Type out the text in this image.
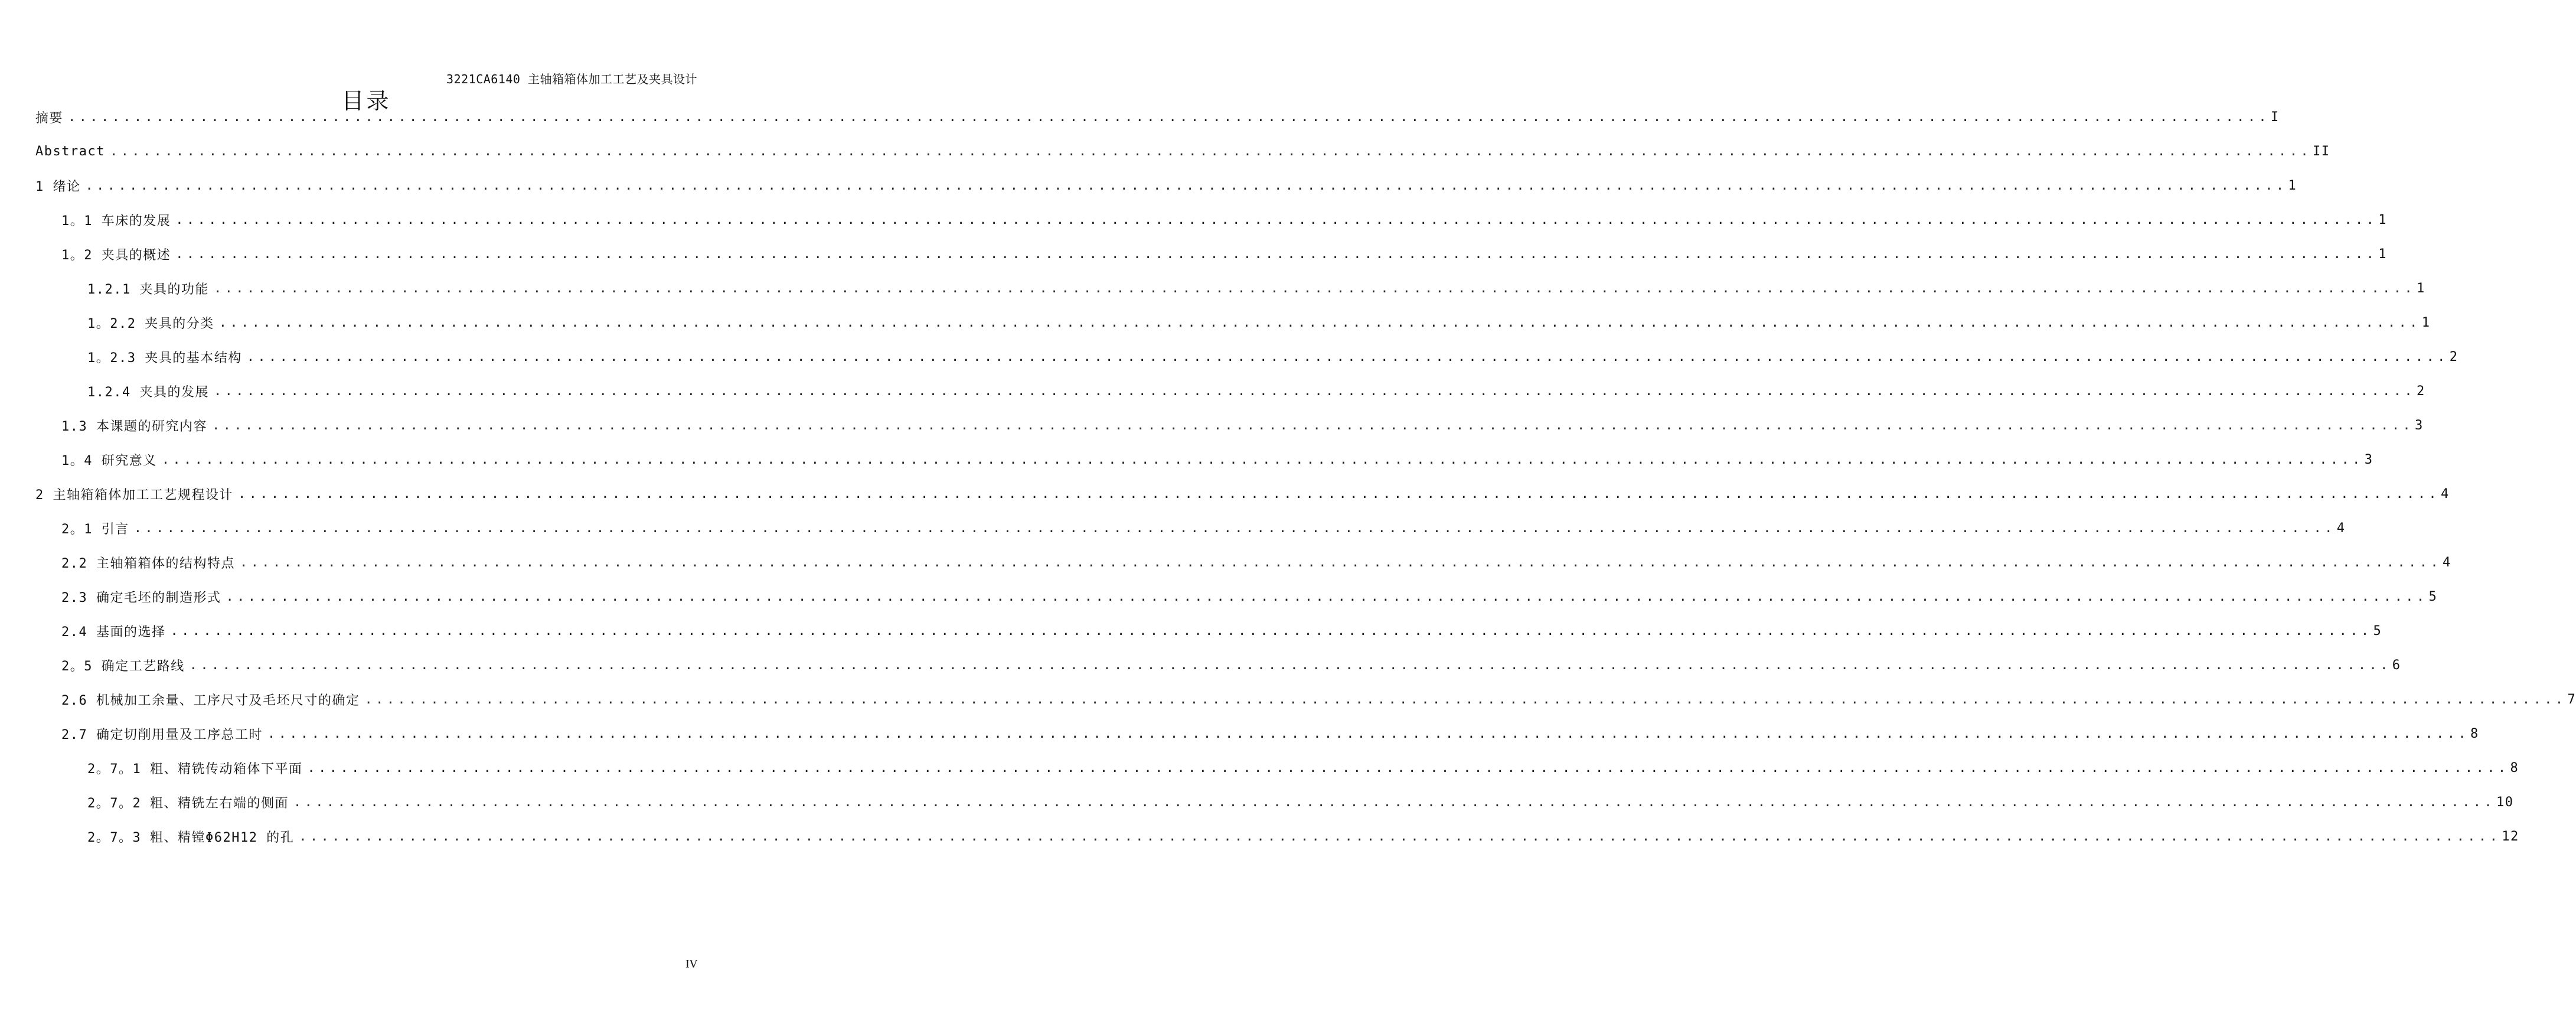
3221CA6140 主轴箱箱体加工工艺及夹具设计
目录
摘要 ........................................................................................................................................................................................................ I
Abstract ........................................................................................................................................................................................................ II
1 绪论 ........................................................................................................................................................................................................ 1
1。1 车床的发展 ........................................................................................................................................................................................................ 1
1。2 夹具的概述 ........................................................................................................................................................................................................ 1
1.2.1 夹具的功能 ........................................................................................................................................................................................................ 1
1。2.2 夹具的分类 ........................................................................................................................................................................................................ 1
1。2.3 夹具的基本结构 ........................................................................................................................................................................................................ 2
1.2.4 夹具的发展 ........................................................................................................................................................................................................ 2
1.3 本课题的研究内容 ........................................................................................................................................................................................................ 3
1。4 研究意义 ........................................................................................................................................................................................................ 3
2 主轴箱箱体加工工艺规程设计 ........................................................................................................................................................................................................ 4
2。1 引言 ........................................................................................................................................................................................................ 4
2.2 主轴箱箱体的结构特点 ........................................................................................................................................................................................................ 4
2.3 确定毛坯的制造形式 ........................................................................................................................................................................................................ 5
2.4 基面的选择 ........................................................................................................................................................................................................ 5
2。5 确定工艺路线 ........................................................................................................................................................................................................ 6
2.6 机械加工余量、工序尺寸及毛坯尺寸的确定 ........................................................................................................................................................................................................ 7
2.7 确定切削用量及工序总工时 ........................................................................................................................................................................................................ 8
2。7。1 粗、精铣传动箱体下平面 ........................................................................................................................................................................................................ 8
2。7。2 粗、精铣左右端的侧面 ........................................................................................................................................................................................................ 10
2。7。3 粗、精镗Φ62H12 的孔 ........................................................................................................................................................................................................ 12
IV
